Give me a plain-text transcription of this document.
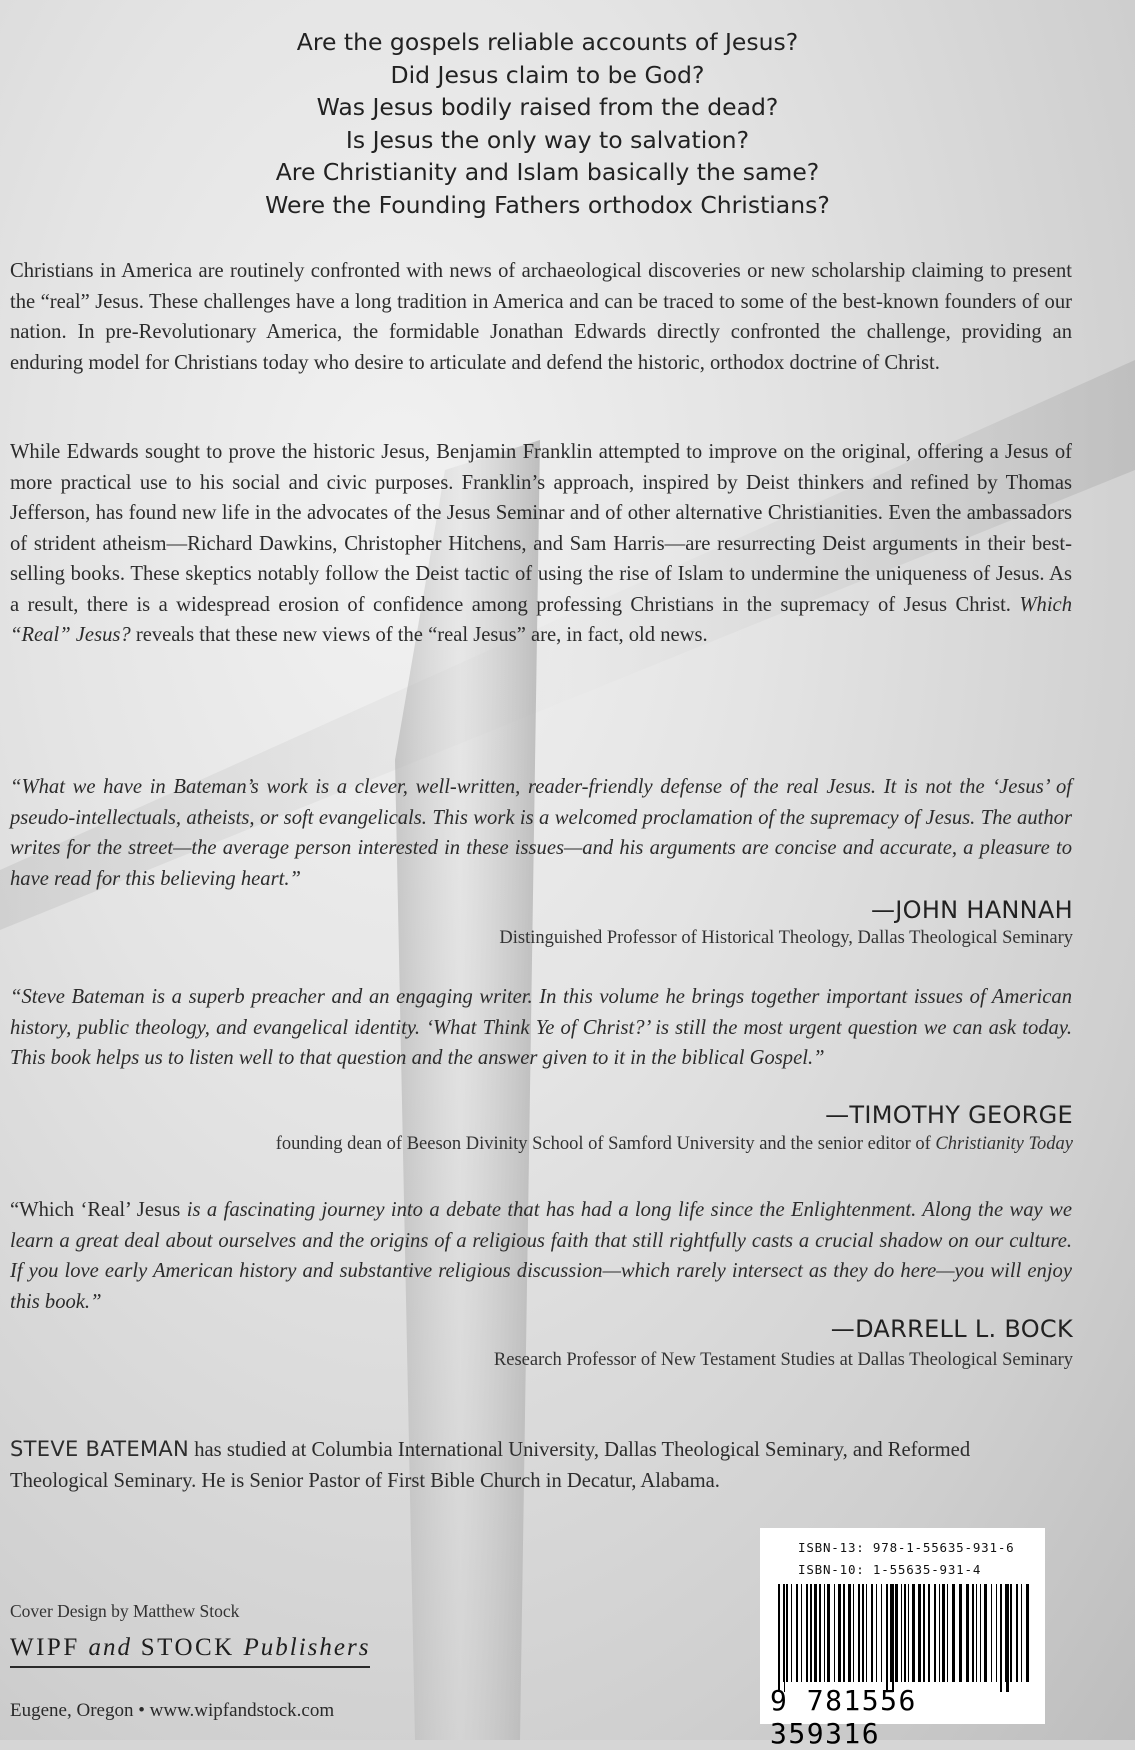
Are the gospels reliable accounts of Jesus?
Did Jesus claim to be God?
Was Jesus bodily raised from the dead?
Is Jesus the only way to salvation?
Are Christianity and Islam basically the same?
Were the Founding Fathers orthodox Christians?
Christians in America are routinely confronted with news of archaeological discoveries or new scholarship claiming to present the “real” Jesus. These challenges have a long tradition in America and can be traced to some of the best-known founders of our nation. In pre-Revolutionary America, the formidable Jonathan Edwards directly confronted the challenge, providing an enduring model for Christians today who desire to articulate and defend the historic, orthodox doctrine of Christ.
While Edwards sought to prove the historic Jesus, Benjamin Franklin attempted to improve on the original, offering a Jesus of more practical use to his social and civic purposes. Franklin’s approach, inspired by Deist thinkers and refined by Thomas Jefferson, has found new life in the advocates of the Jesus Seminar and of other alternative Christianities. Even the ambassadors of strident atheism—Richard Dawkins, Christopher Hitchens, and Sam Harris—are resurrecting Deist arguments in their best-selling books. These skeptics notably follow the Deist tactic of using the rise of Islam to undermine the uniqueness of Jesus. As a result, there is a widespread erosion of confidence among professing Christians in the supremacy of Jesus Christ. Which “Real” Jesus? reveals that these new views of the “real Jesus” are, in fact, old news.
“What we have in Bateman’s work is a clever, well-written, reader-friendly defense of the real Jesus. It is not the ‘Jesus’ of pseudo-intellectuals, atheists, or soft evangelicals. This work is a welcomed proclamation of the supremacy of Jesus. The author writes for the street—the average person interested in these issues—and his arguments are concise and accurate, a pleasure to have read for this believing heart.”
—JOHN HANNAH
Distinguished Professor of Historical Theology, Dallas Theological Seminary
“Steve Bateman is a superb preacher and an engaging writer. In this volume he brings together important issues of American history, public theology, and evangelical identity. ‘What Think Ye of Christ?’ is still the most urgent question we can ask today. This book helps us to listen well to that question and the answer given to it in the biblical Gospel.”
—TIMOTHY GEORGE
founding dean of Beeson Divinity School of Samford University and the senior editor of Christianity Today
“Which ‘Real’ Jesus is a fascinating journey into a debate that has had a long life since the Enlightenment. Along the way we learn a great deal about ourselves and the origins of a religious faith that still rightfully casts a crucial shadow on our culture. If you love early American history and substantive religious discussion—which rarely intersect as they do here—you will enjoy this book.”
—DARRELL L. BOCK
Research Professor of New Testament Studies at Dallas Theological Seminary
STEVE BATEMAN has studied at Columbia International University, Dallas Theological Seminary, and Reformed Theological Seminary. He is Senior Pastor of First Bible Church in Decatur, Alabama.
Cover Design by Matthew Stock
WIPF and STOCK Publishers
Eugene, Oregon • www.wipfandstock.com
ISBN-13: 978-1-55635-931-6
ISBN-10: 1-55635-931-4
9 781556 359316
